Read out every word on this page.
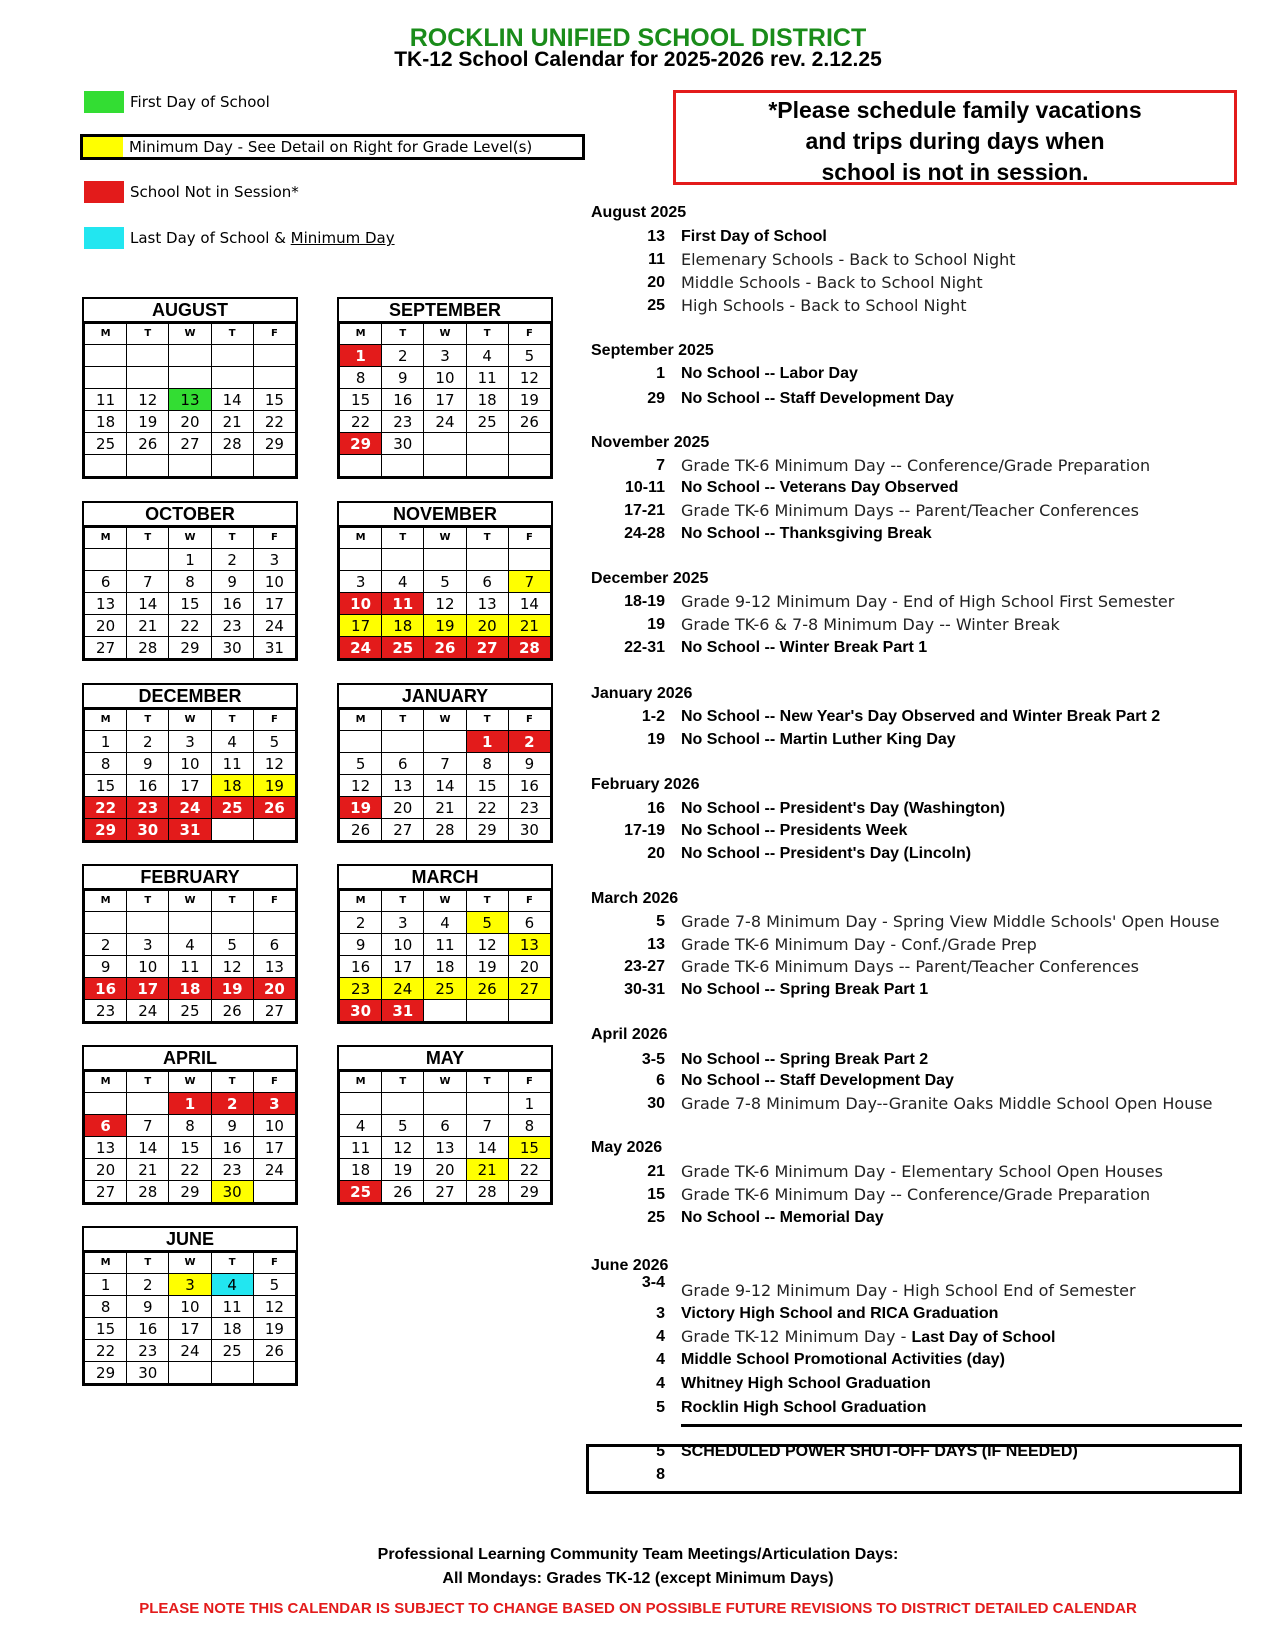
ROCKLIN UNIFIED SCHOOL DISTRICT
TK-12 School Calendar for 2025-2026 rev. 2.12.25
First Day of School
Minimum Day - See Detail on Right for Grade Level(s)
School Not in Session*
Last Day of School & Minimum Day
*Please schedule family vacations
and trips during days when
school is not in session.
AUGUST
M	T	W	T	F

11	12	13	14	15
18	19	20	21	22
25	26	27	28	29

SEPTEMBER
M	T	W	T	F
1	2	3	4	5
8	9	10	11	12
15	16	17	18	19
22	23	24	25	26
29	30			

OCTOBER
M	T	W	T	F
		1	2	3
6	7	8	9	10
13	14	15	16	17
20	21	22	23	24
27	28	29	30	31
NOVEMBER
M	T	W	T	F

3	4	5	6	7
10	11	12	13	14
17	18	19	20	21
24	25	26	27	28
DECEMBER
M	T	W	T	F
1	2	3	4	5
8	9	10	11	12
15	16	17	18	19
22	23	24	25	26
29	30	31		
JANUARY
M	T	W	T	F
			1	2
5	6	7	8	9
12	13	14	15	16
19	20	21	22	23
26	27	28	29	30
FEBRUARY
M	T	W	T	F

2	3	4	5	6
9	10	11	12	13
16	17	18	19	20
23	24	25	26	27
MARCH
M	T	W	T	F
2	3	4	5	6
9	10	11	12	13
16	17	18	19	20
23	24	25	26	27
30	31			
APRIL
M	T	W	T	F
		1	2	3
6	7	8	9	10
13	14	15	16	17
20	21	22	23	24
27	28	29	30	
MAY
M	T	W	T	F
				1
4	5	6	7	8
11	12	13	14	15
18	19	20	21	22
25	26	27	28	29
JUNE
M	T	W	T	F
1	2	3	4	5
8	9	10	11	12
15	16	17	18	19
22	23	24	25	26
29	30			
August 2025
13 First Day of School
11 Elemenary Schools - Back to School Night
20 Middle Schools - Back to School Night
25 High Schools - Back to School Night
September 2025
1 No School -- Labor Day
29 No School -- Staff Development Day
November 2025
7 Grade TK-6 Minimum Day -- Conference/Grade Preparation
10-11 No School -- Veterans Day Observed
17-21 Grade TK-6 Minimum Days -- Parent/Teacher Conferences
24-28 No School -- Thanksgiving Break
December 2025
18-19 Grade 9-12 Minimum Day - End of High School First Semester
19 Grade TK-6 & 7-8 Minimum Day -- Winter Break
22-31 No School -- Winter Break Part 1
January 2026
1-2 No School -- New Year's Day Observed and Winter Break Part 2
19 No School -- Martin Luther King Day
February 2026
16 No School -- President's Day (Washington)
17-19 No School -- Presidents Week
20 No School -- President's Day (Lincoln)
March 2026
5 Grade 7-8 Minimum Day - Spring View Middle Schools' Open House
13 Grade TK-6 Minimum Day - Conf./Grade Prep
23-27 Grade TK-6 Minimum Days -- Parent/Teacher Conferences
30-31 No School -- Spring Break Part 1
April 2026
3-5 No School -- Spring Break Part 2
6 No School -- Staff Development Day
30 Grade 7-8 Minimum Day--Granite Oaks Middle School Open House
May 2026
21 Grade TK-6 Minimum Day - Elementary School Open Houses
15 Grade TK-6 Minimum Day -- Conference/Grade Preparation
25 No School -- Memorial Day
June 2026
3-4 Grade 9-12 Minimum Day - High School End of Semester
3 Victory High School and RICA Graduation
4 Grade TK-12 Minimum Day - Last Day of School
4 Middle School Promotional Activities (day)
4 Whitney High School Graduation
5 Rocklin High School Graduation
5 SCHEDULED POWER SHUT-OFF DAYS (IF NEEDED)
8
Professional Learning Community Team Meetings/Articulation Days:
All Mondays: Grades TK-12 (except Minimum Days)
PLEASE NOTE THIS CALENDAR IS SUBJECT TO CHANGE BASED ON POSSIBLE FUTURE REVISIONS TO DISTRICT DETAILED CALENDAR
